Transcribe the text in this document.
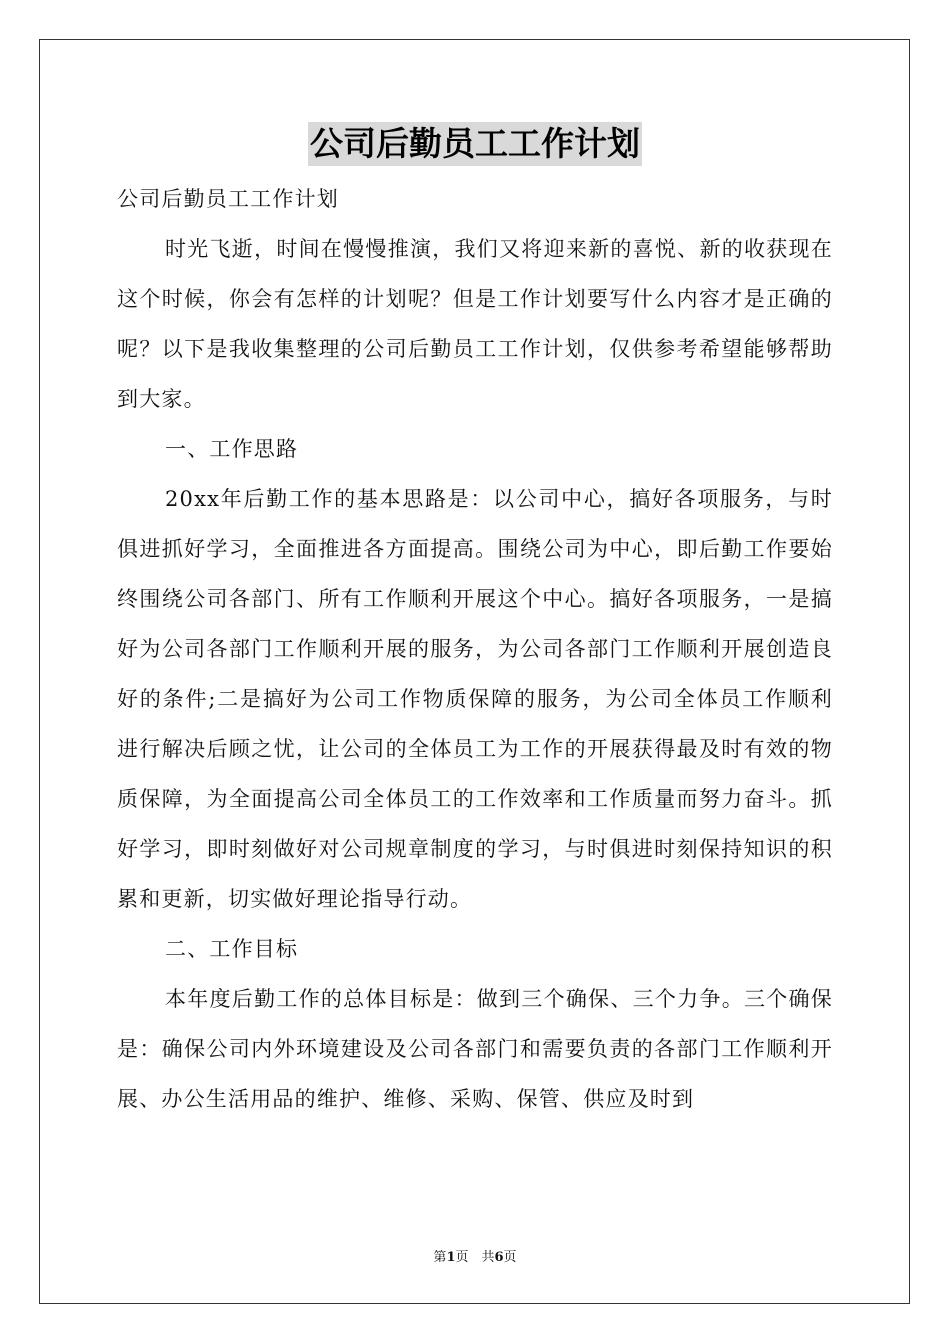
公司后勤员工工作计划

公司后勤员工工作计划

时光飞逝，时间在慢慢推演，我们又将迎来新的喜悦、新的收获现在这个时候，你会有怎样的计划呢？但是工作计划要写什么内容才是正确的呢？以下是我收集整理的公司后勤员工工作计划，仅供参考希望能够帮助到大家。

一、工作思路

20xx年后勤工作的基本思路是：以公司中心，搞好各项服务，与时俱进抓好学习，全面推进各方面提高。围绕公司为中心，即后勤工作要始终围绕公司各部门、所有工作顺利开展这个中心。搞好各项服务，一是搞好为公司各部门工作顺利开展的服务，为公司各部门工作顺利开展创造良好的条件;二是搞好为公司工作物质保障的服务，为公司全体员工作顺利进行解决后顾之忧，让公司的全体员工为工作的开展获得最及时有效的物质保障，为全面提高公司全体员工的工作效率和工作质量而努力奋斗。抓好学习，即时刻做好对公司规章制度的学习，与时俱进时刻保持知识的积累和更新，切实做好理论指导行动。

二、工作目标

本年度后勤工作的总体目标是：做到三个确保、三个力争。三个确保是：确保公司内外环境建设及公司各部门和需要负责的各部门工作顺利开展、办公生活用品的维护、维修、采购、保管、供应及时到

第1页　共6页
